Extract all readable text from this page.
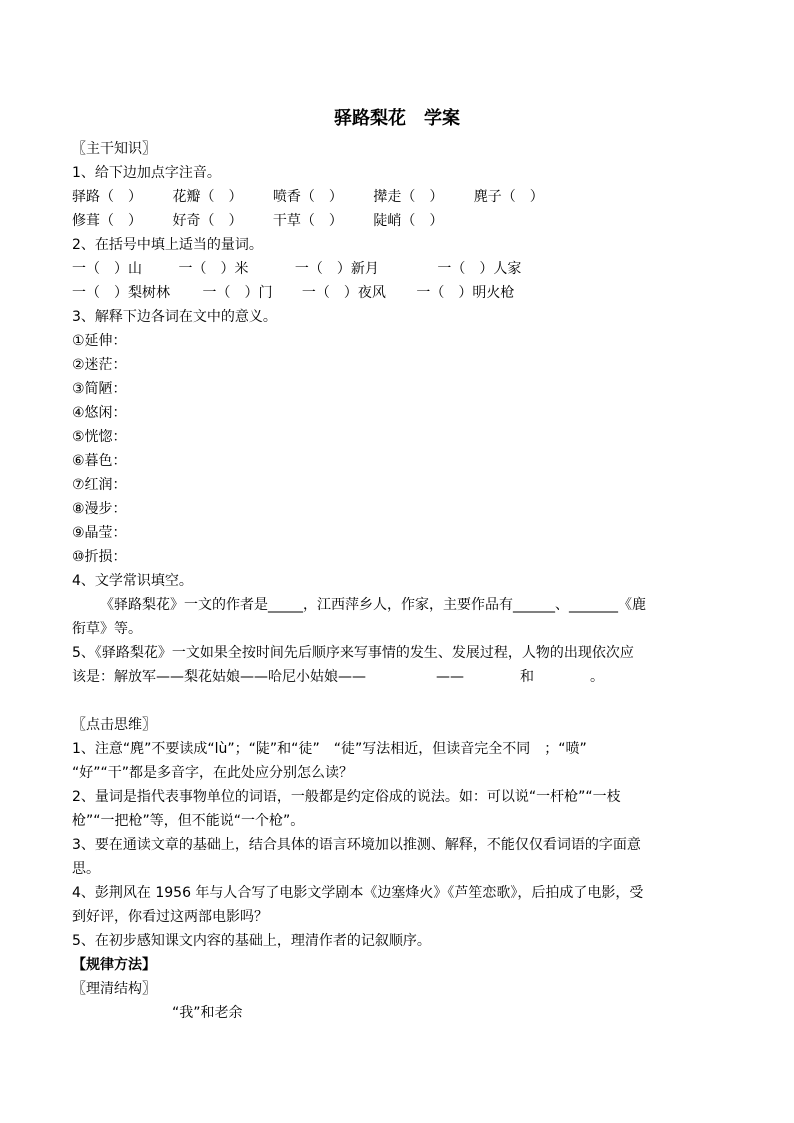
驿路梨花　学案
〖主干知识〗
1、给下边加点字注音。
驿路（　） 花瓣（　） 喷香（　） 撵走（　） 麂子（　）
修葺（　） 好奇（　） 干草（　） 陡峭（　）
2、在括号中填上适当的量词。
一（　）山	一（　）米	一（　）新月	一（　）人家
一（　）梨树林 一（　）门 一（　）夜风 一（　）明火枪
3、解释下边各词在文中的意义。
①延伸：
②迷茫：
③简陋：
④悠闲：
⑤恍惚：
⑥暮色：
⑦红润：
⑧漫步：
⑨晶莹：
⑩折损：
4、文学常识填空。
《驿路梨花》一文的作者是_____，江西萍乡人，作家，主要作品有______、_______《鹿
衔草》等。
5、《驿路梨花》一文如果全按时间先后顺序来写事情的发生、发展过程，人物的出现依次应
该是：解放军——梨花姑娘——哈尼小姑娘——　　　　　——　　　　和　　　　。
〖点击思维〗
1、注意“麂”不要读成“lù”；“陡”和“徒”　“徒”写法相近，但读音完全不同　；“喷”
“好”“干”都是多音字，在此处应分别怎么读？
2、量词是指代表事物单位的词语，一般都是约定俗成的说法。如：可以说“一杆枪”“一枝
枪”“一把枪”等，但不能说“一个枪”。
3、要在通读文章的基础上，结合具体的语言环境加以推测、解释，不能仅仅看词语的字面意
思。
4、彭荆风在 1956 年与人合写了电影文学剧本《边塞烽火》《芦笙恋歌》，后拍成了电影，受
到好评，你看过这两部电影吗？
5、在初步感知课文内容的基础上，理清作者的记叙顺序。
【规律方法】
〖理清结构〗
“我”和老余
